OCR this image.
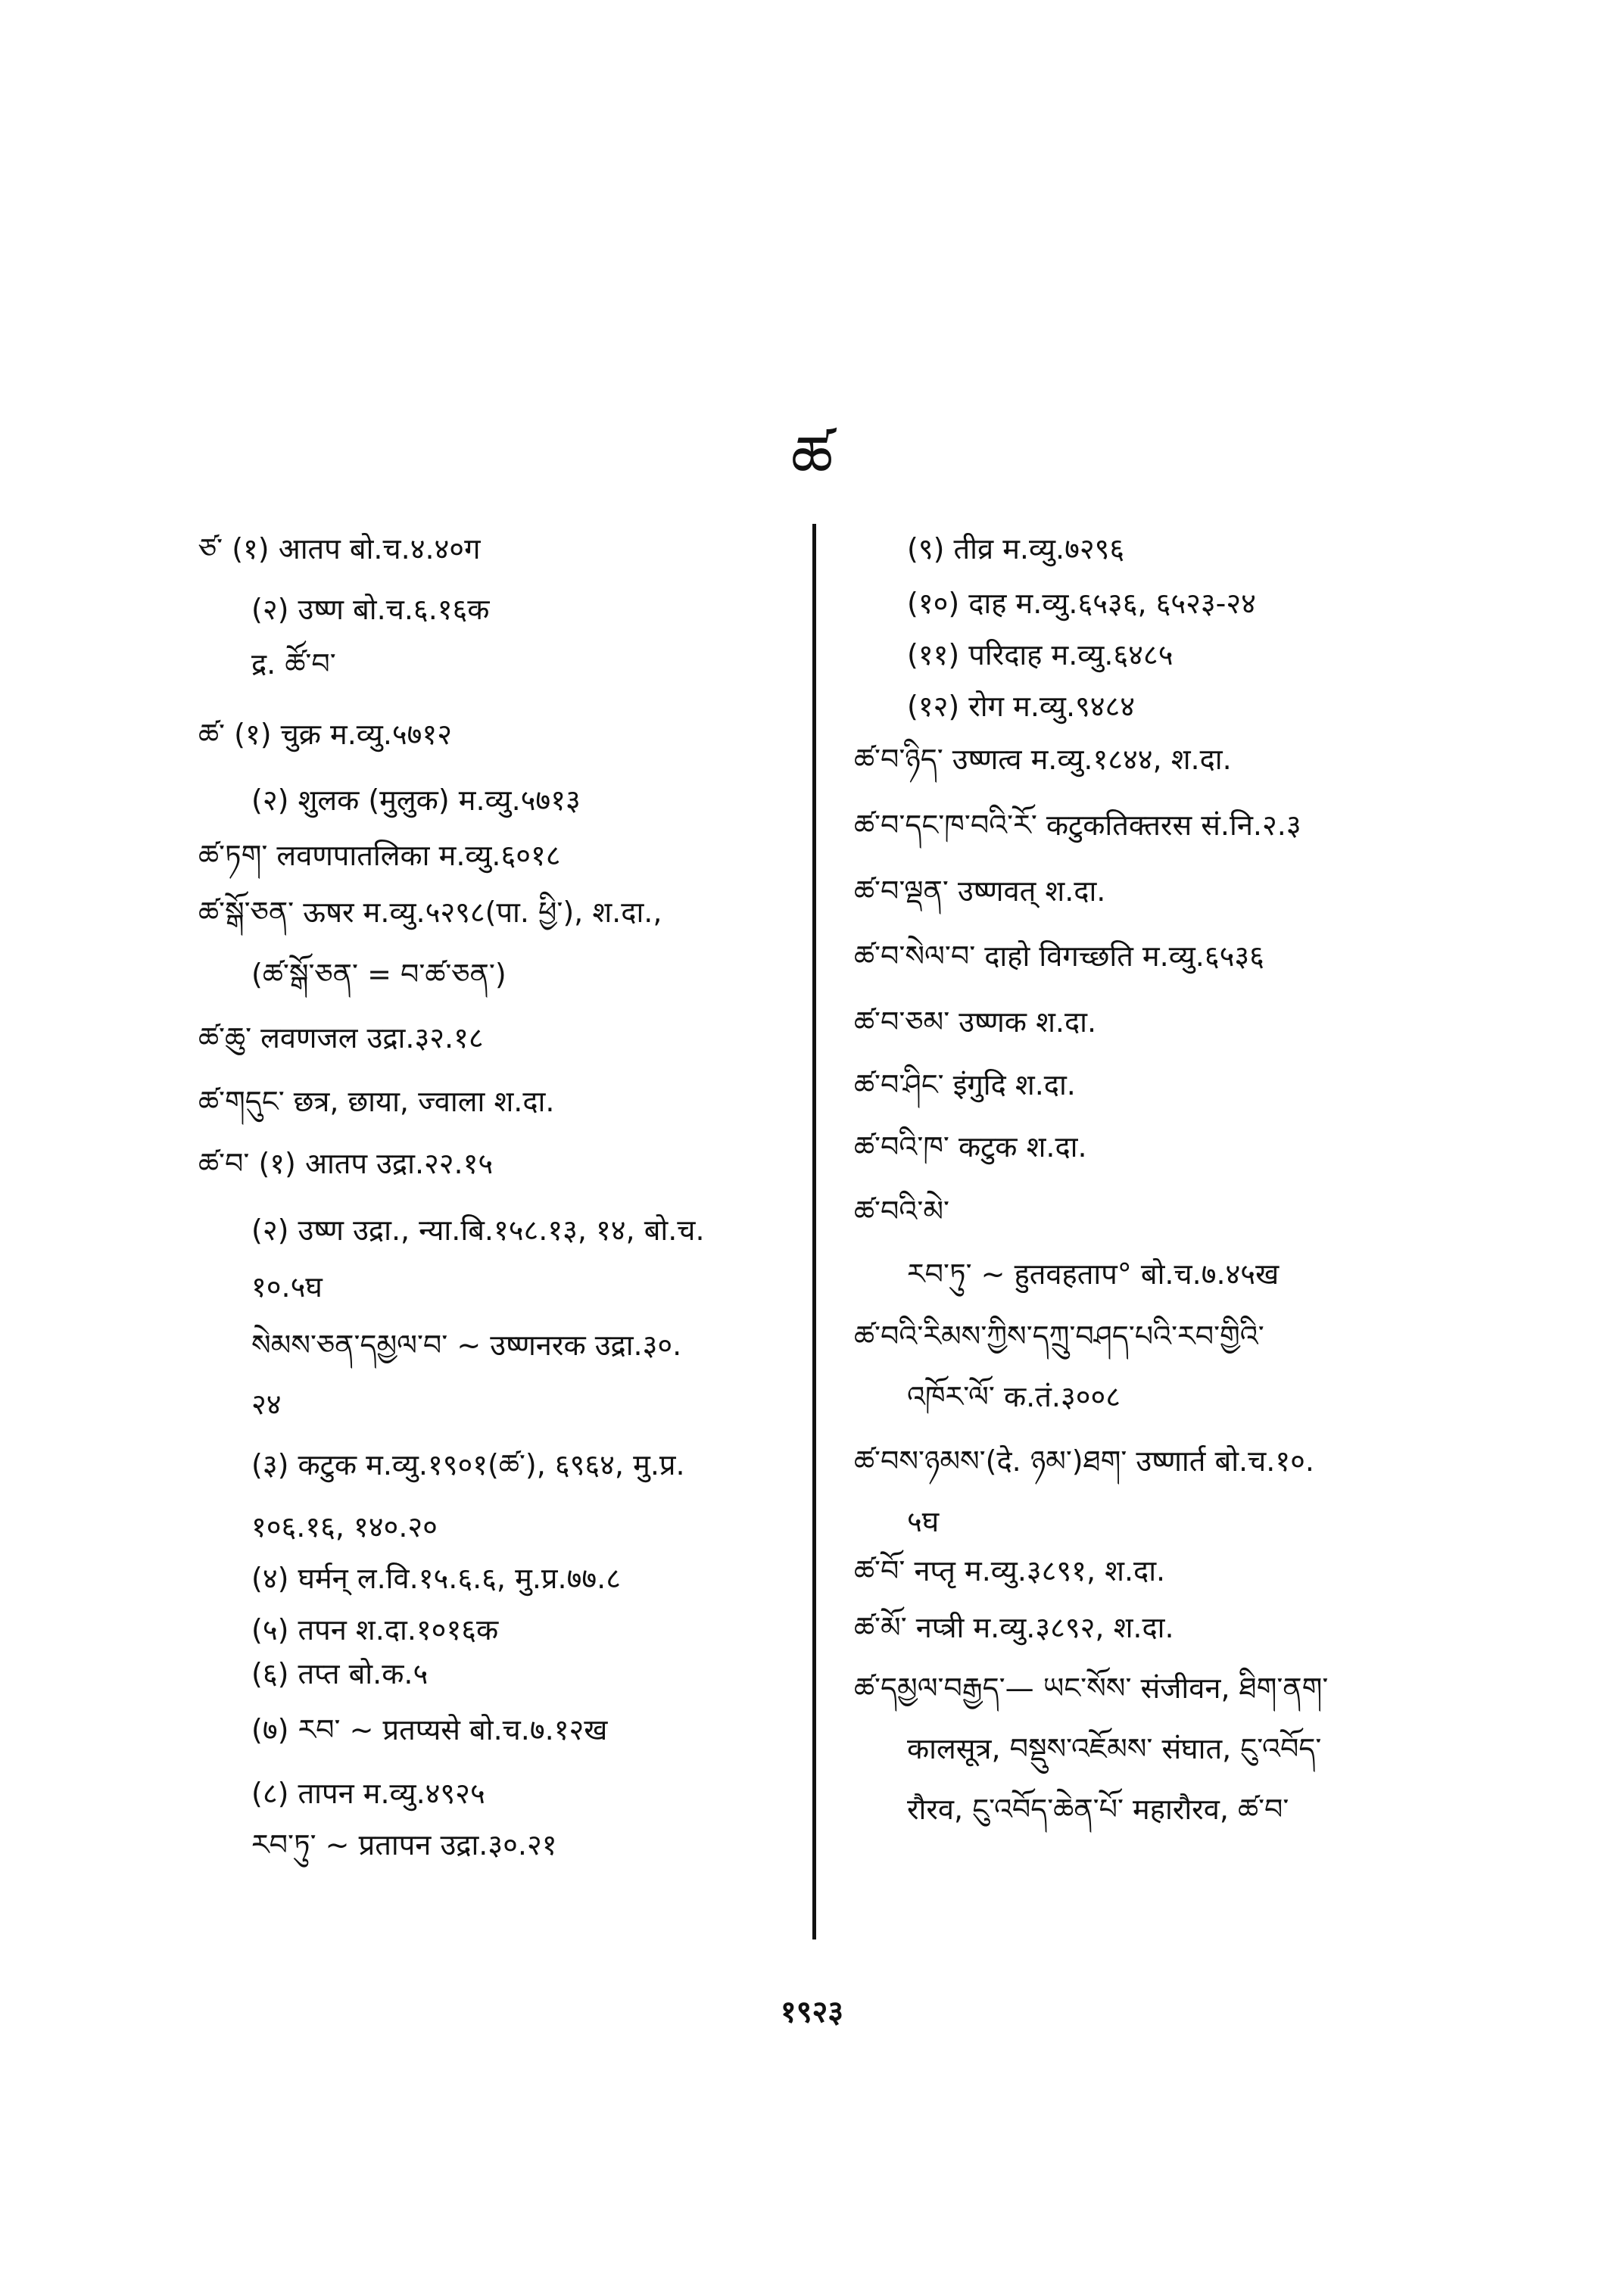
ཚ
ཙ་ (१) आतप बो.च.४.४०ग
(२) उष्ण बो.च.६.१६क
द्र. ཚོ་བ་
ཚ་ (१) चुक्र म.व्यु.५७१२
(२) शुलक (मुलुक) म.व्यु.५७१३
ཚ་ཏག་ लवणपातलिका म.व्यु.६०१८
ཚ་སྒོ་ཅན་ ऊषर म.व्यु.५२९८(पा. ཕྱི་), श.दा.,
(ཚ་སྒོ་ཅན་ = བ་ཚ་ཅན་)
ཚ་ཆུ་ लवणजल उद्रा.३२.१८
ཚ་གདུང་ छत्र, छाया, ज्वाला श.दा.
ཚ་བ་ (१) आतप उद्रा.२२.१५
(२) उष्ण उद्रा., न्या.बि.१५८.१३, १४, बो.च.
१०.५घ
སེམས་ཅན་དམྱལ་བ་ ~ उष्णनरक उद्रा.३०.
२४
(३) कटुक म.व्यु.१९०१(ཚ་), ६९६४, मु.प्र.
१०६.१६, १४०.२०
(४) घर्मन् ल.वि.१५.६.६, मु.प्र.७७.८
(५) तपन श.दा.१०१६क
(६) तप्त बो.क.५
(७) རབ་ ~ प्रतप्यसे बो.च.७.१२ख
(८) तापन म.व्यु.४९२५
རབ་ཏུ་ ~ प्रतापन उद्रा.३०.२१
(९) तीव्र म.व्यु.७२९६
(१०) दाह म.व्यु.६५३६, ६५२३-२४
(११) परिदाह म.व्यु.६४८५
(१२) रोग म.व्यु.९४८४
ཚ་བ་ཉིད་ उष्णत्व म.व्यु.१८४४, श.दा.
ཚ་བ་དང་ཁ་བའི་རོ་ कटुकतिक्तरस सं.नि.२.३
ཚ་བ་ལྡན་ उष्णवत् श.दा.
ཚ་བ་སེལ་བ་ दाहो विगच्छति म.व्यु.६५३६
ཚ་བ་ཅམ་ उष्णक श.दा.
ཚ་བ་ཤིང་ इंगुदि श.दा.
ཚ་བའི་ཁ་ कटुक श.दा.
ཚ་བའི་མེ་
རབ་ཏུ་ ~ हुतवहताप° बो.च.७.४५ख
ཚ་བའི་རིམས་ཀྱིས་དཀྲུ་བཤད་པའི་རབ་གྱིའི་
འཁོར་ལོ་ क.तं.३००८
ཚ་བས་ཉམས་(दे. ཉམ་)ཐག་ उष्णार्त बो.च.१०.
५घ
ཚ་བོ་ नप्तृ म.व्यु.३८९१, श.दा.
ཚ་མོ་ नप्त्री म.व्यु.३८९२, श.दा.
ཚ་དམྱལ་བརྒྱད་— ཡང་སོས་ संजीवन, ཐིག་ནག་
कालसूत्र, བསྡུས་འཇོམས་ संघात, ངུ་འབོད་
रौरव, ངུ་འབོད་ཆེན་པོ་ महारौरव, ཚ་བ་
१९२३
